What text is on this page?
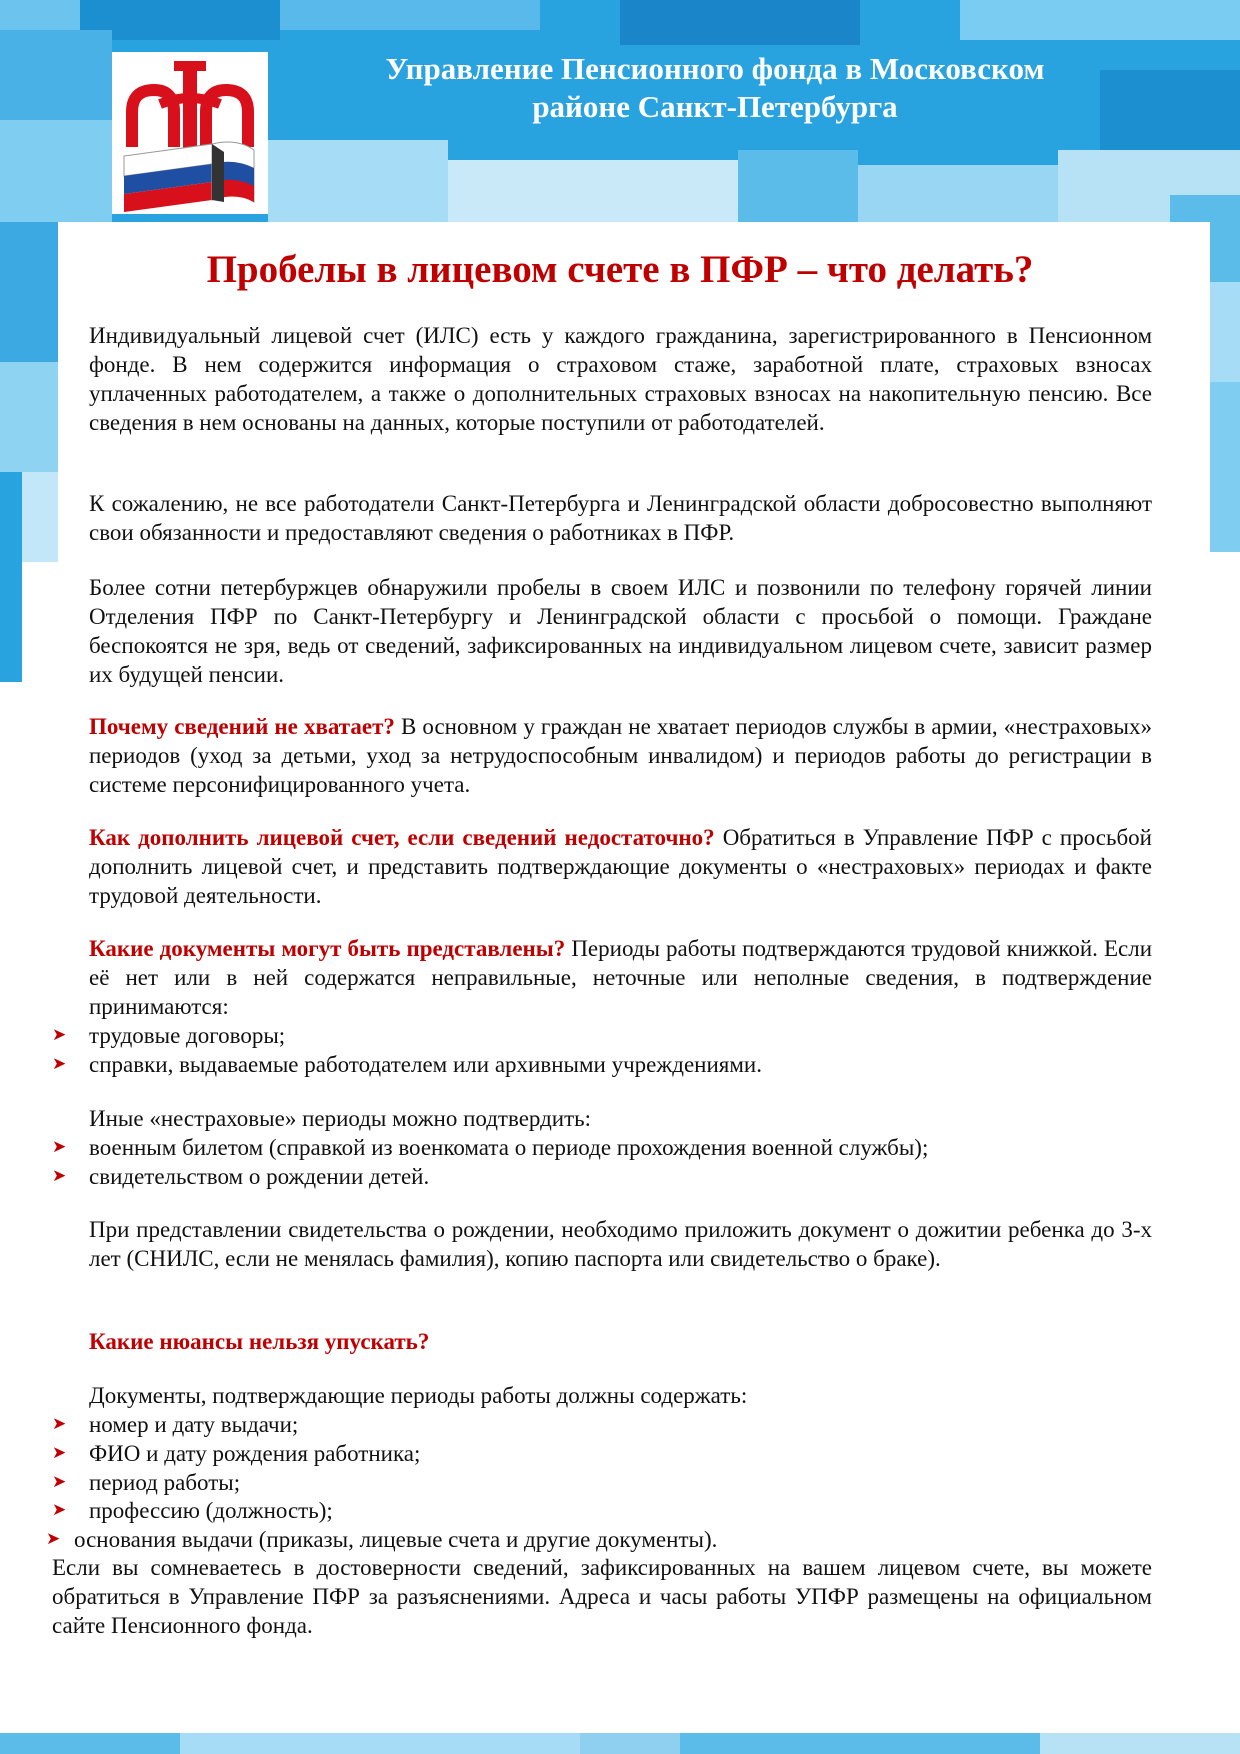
Управление Пенсионного фонда в Московском
районе Санкт-Петербурга
Пробелы в лицевом счете в ПФР – что делать?

Индивидуальный лицевой счет (ИЛС) есть у каждого гражданина, зарегистрированного в Пенсионном фонде. В нем содержится информация о страховом стаже, заработной плате, страховых взносах уплаченных работодателем, а также о дополнительных страховых взносах на накопительную пенсию. Все сведения в нем основаны на данных, которые поступили от работодателей.

К сожалению, не все работодатели Санкт-Петербурга и Ленинградской области добросовестно выполняют свои обязанности и предоставляют сведения о работниках в ПФР.

Более сотни петербуржцев обнаружили пробелы в своем ИЛС и позвонили по телефону горячей линии Отделения ПФР по Санкт-Петербургу и Ленинградской области с просьбой о помощи. Граждане беспокоятся не зря, ведь от сведений, зафиксированных на индивидуальном лицевом счете, зависит размер их будущей пенсии.

Почему сведений не хватает? В основном у граждан не хватает периодов службы в армии, «нестраховых» периодов (уход за детьми, уход за нетрудоспособным инвалидом) и периодов работы до регистрации в системе персонифицированного учета.

Как дополнить лицевой счет, если сведений недостаточно? Обратиться в Управление ПФР с просьбой дополнить лицевой счет, и представить подтверждающие документы о «нестраховых» периодах и факте трудовой деятельности.

Какие документы могут быть представлены? Периоды работы подтверждаются трудовой книжкой. Если её нет или в ней содержатся неправильные, неточные или неполные сведения, в подтверждение принимаются:

➤ трудовые договоры;

➤ справки, выдаваемые работодателем или архивными учреждениями.

Иные «нестраховые» периоды можно подтвердить:

➤ военным билетом (справкой из военкомата о периоде прохождения военной службы);

➤ свидетельством о рождении детей.

При представлении свидетельства о рождении, необходимо приложить документ о дожитии ребенка до 3-х лет (СНИЛС, если не менялась фамилия), копию паспорта или свидетельство о браке).

Какие нюансы нельзя упускать?

Документы, подтверждающие периоды работы должны содержать:

➤ номер и дату выдачи;

➤ ФИО и дату рождения работника;

➤ период работы;

➤ профессию (должность);

➤ основания выдачи (приказы, лицевые счета и другие документы).

Если вы сомневаетесь в достоверности сведений, зафиксированных на вашем лицевом счете, вы можете обратиться в Управление ПФР за разъяснениями. Адреса и часы работы УПФР размещены на официальном сайте Пенсионного фонда.
